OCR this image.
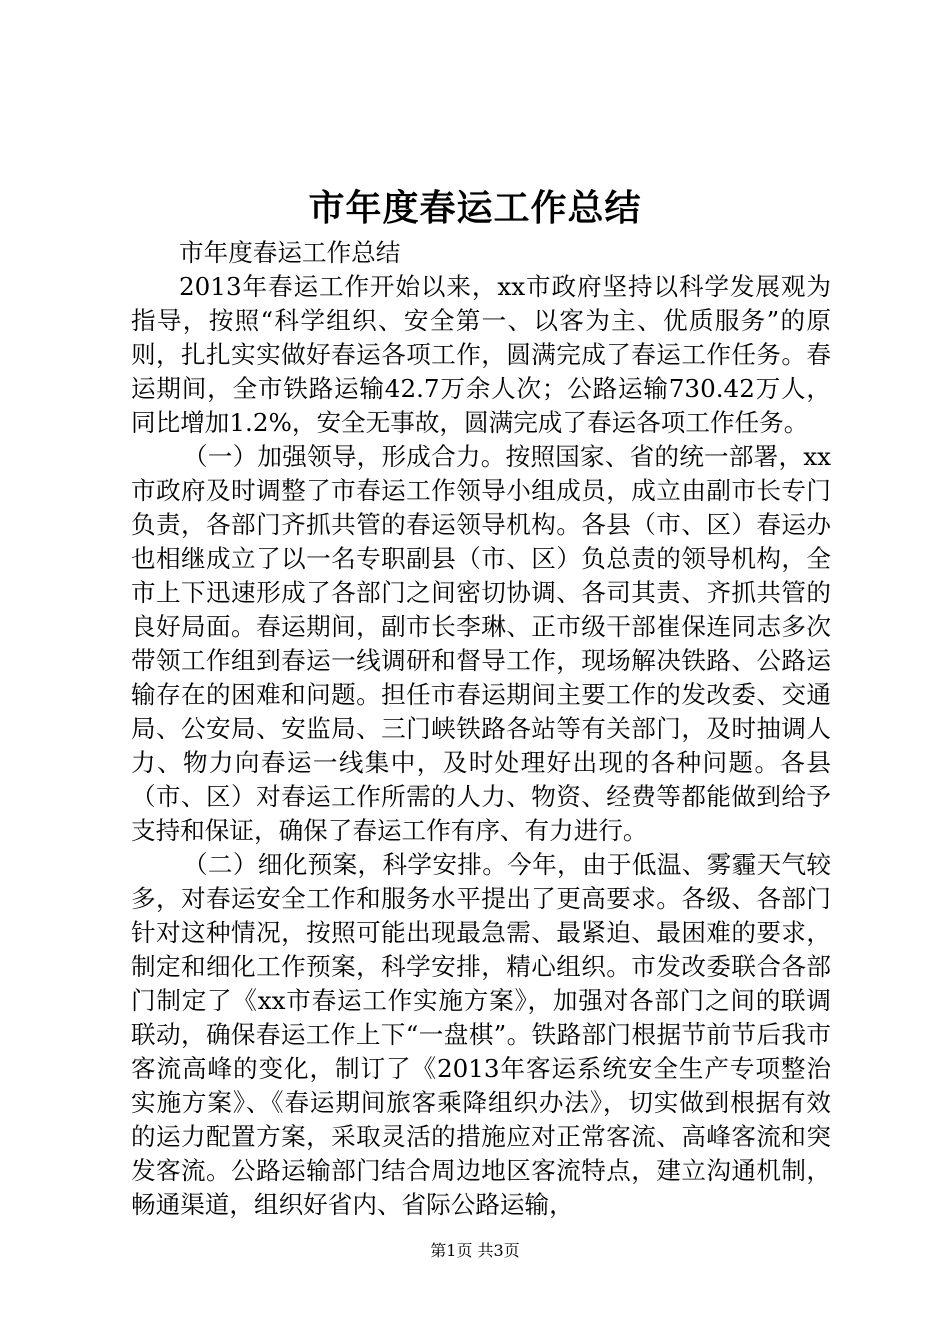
市年度春运工作总结

市年度春运工作总结

2013年春运工作开始以来，xx市政府坚持以科学发展观为指导，按照“科学组织、安全第一、以客为主、优质服务”的原则，扎扎实实做好春运各项工作，圆满完成了春运工作任务。春运期间，全市铁路运输42.7万余人次；公路运输730.42万人，同比增加1.2%，安全无事故，圆满完成了春运各项工作任务。

（一）加强领导，形成合力。按照国家、省的统一部署，xx市政府及时调整了市春运工作领导小组成员，成立由副市长专门负责，各部门齐抓共管的春运领导机构。各县（市、区）春运办也相继成立了以一名专职副县（市、区）负总责的领导机构，全市上下迅速形成了各部门之间密切协调、各司其责、齐抓共管的良好局面。春运期间，副市长李琳、正市级干部崔保连同志多次带领工作组到春运一线调研和督导工作，现场解决铁路、公路运输存在的困难和问题。担任市春运期间主要工作的发改委、交通局、公安局、安监局、三门峡铁路各站等有关部门，及时抽调人力、物力向春运一线集中，及时处理好出现的各种问题。各县（市、区）对春运工作所需的人力、物资、经费等都能做到给予支持和保证，确保了春运工作有序、有力进行。

（二）细化预案，科学安排。今年，由于低温、雾霾天气较多，对春运安全工作和服务水平提出了更高要求。各级、各部门针对这种情况，按照可能出现最急需、最紧迫、最困难的要求，制定和细化工作预案，科学安排，精心组织。市发改委联合各部门制定了《xx市春运工作实施方案》，加强对各部门之间的联调联动，确保春运工作上下“一盘棋”。铁路部门根据节前节后我市客流高峰的变化，制订了《2013年客运系统安全生产专项整治实施方案》、《春运期间旅客乘降组织办法》，切实做到根据有效的运力配置方案，采取灵活的措施应对正常客流、高峰客流和突发客流。公路运输部门结合周边地区客流特点，建立沟通机制，畅通渠道，组织好省内、省际公路运输，

第1页 共3页
